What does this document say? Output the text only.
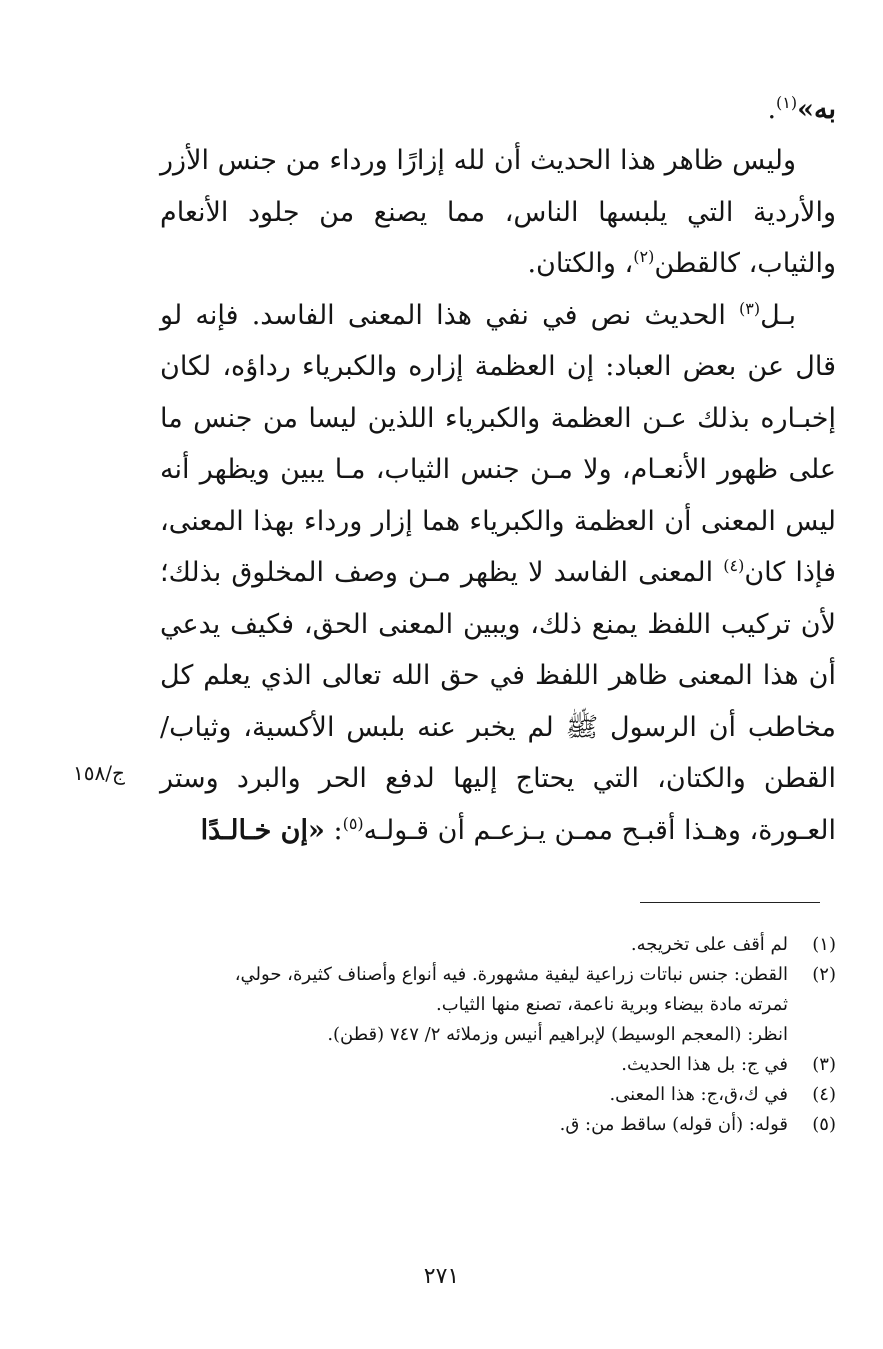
به»$^{(١)}$.

وليس ظاهر هذا الحديث أن لله إزارًا ورداء من جنس الأزر والأردية التي يلبسها الناس، مما يصنع من جلود الأنعام والثياب، كالقطن$^{(٢)}$، والكتان.

بـل$^{(٣)}$ الحديث نص في نفي هذا المعنى الفاسد. فإنه لو قال عن بعض العباد: إن العظمة إزاره والكبرياء رداؤه، لكان إخبـاره بذلك عـن العظمة والكبرياء اللذين ليسا من جنس ما على ظهور الأنعـام، ولا مـن جنس الثياب، مـا يبين ويظهر أنه ليس المعنى أن العظمة والكبرياء هما إزار ورداء بهذا المعنى، فإذا كان$^{(٤)}$ المعنى الفاسد لا يظهر مـن وصف المخلوق بذلك؛ لأن تركيب اللفظ يمنع ذلك، ويبين المعنى الحق، فكيف يدعي أن هذا المعنى ظاهر اللفظ في حق الله تعالى الذي يعلم كل مخاطب أن الرسول ﷺ لم يخبر عنه بلبس الأكسية، وثياب/ القطن والكتان، التي يحتاج إليها لدفع الحر والبرد وستر العـورة، وهـذا أقبـح ممـن يـزعـم أن قـولـه$^{(٥)}$: «إن خـالـدًا

ج/١٥٨
(١)
لم أقف على تخريجه.
(٢)
القطن: جنس نباتات زراعية ليفية مشهورة. فيه أنواع وأصناف كثيرة، حولي،
ثمرته مادة بيضاء وبرية ناعمة، تصنع منها الثياب.
انظر: (المعجم الوسيط) لإبراهيم أنيس وزملائه ٢/ ٧٤٧ (قطن).
(٣)
في ج: بل هذا الحديث.
(٤)
في ك،ق،ج: هذا المعنى.
(٥)
قوله: (أن قوله) ساقط من: ق.
٢٧١
